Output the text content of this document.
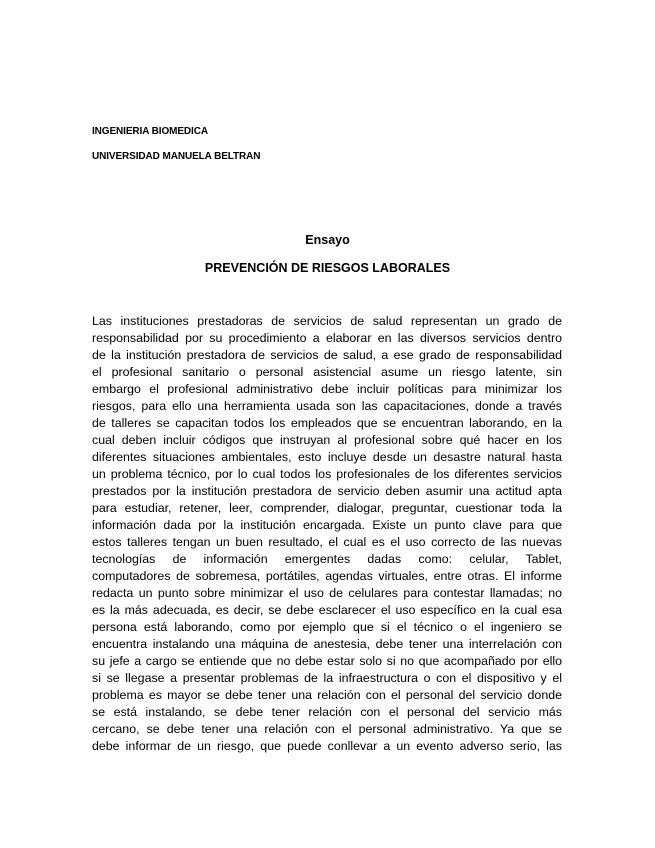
INGENIERIA BIOMEDICA
UNIVERSIDAD MANUELA BELTRAN
Ensayo
PREVENCIÓN DE RIESGOS LABORALES
Las instituciones prestadoras de servicios de salud representan un grado de
responsabilidad por su procedimiento a elaborar en las diversos servicios dentro
de la institución prestadora de servicios de salud, a ese grado de responsabilidad
el profesional sanitario o personal asistencial asume un riesgo latente, sin
embargo el profesional administrativo debe incluir políticas para minimizar los
riesgos, para ello una herramienta usada son las capacitaciones, donde a través
de talleres se capacitan todos los empleados que se encuentran laborando, en la
cual deben incluir códigos que instruyan al profesional sobre qué hacer en los
diferentes situaciones ambientales, esto incluye desde un desastre natural hasta
un problema técnico, por lo cual todos los profesionales de los diferentes servicios
prestados por la institución prestadora de servicio deben asumir una actitud apta
para estudiar, retener, leer, comprender, dialogar, preguntar, cuestionar toda la
información dada por la institución encargada. Existe un punto clave para que
estos talleres tengan un buen resultado, el cual es el uso correcto de las nuevas
tecnologías de información emergentes dadas como: celular, Tablet,
computadores de sobremesa, portátiles, agendas virtuales, entre otras. El informe
redacta un punto sobre minimizar el uso de celulares para contestar llamadas; no
es la más adecuada, es decir, se debe esclarecer el uso específico en la cual esa
persona está laborando, como por ejemplo que si el técnico o el ingeniero se
encuentra instalando una máquina de anestesia, debe tener una interrelación con
su jefe a cargo se entiende que no debe estar solo si no que acompañado por ello
si se llegase a presentar problemas de la infraestructura o con el dispositivo y el
problema es mayor se debe tener una relación con el personal del servicio donde
se está instalando, se debe tener relación con el personal del servicio más
cercano, se debe tener una relación con el personal administrativo. Ya que se
debe informar de un riesgo, que puede conllevar a un evento adverso serio, las
